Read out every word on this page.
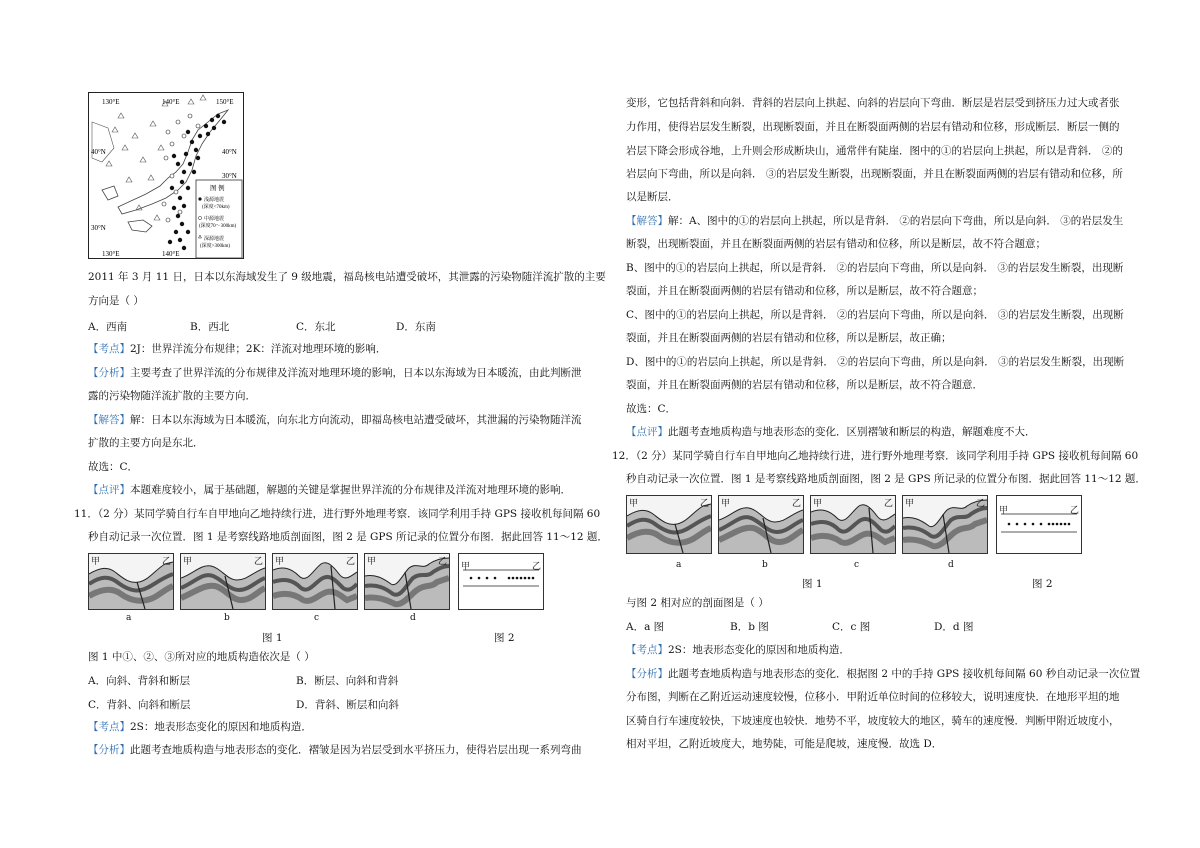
130°E	140°E	150°E
130°E	140°E
40°N
30°N
40°N
30°N
图 例
浅源地震
(深度<70km)
中源地震
(深度70～300km)
深源地震
(深度>300km)
2011 年 3 月 11 日，日本以东海域发生了 9 级地震，福岛核电站遭受破坏，其泄露的污染物随洋流扩散的主要
方向是（ ）
A．西南	B．西北	C．东北	D．东南
【考点】2J：世界洋流分布规律；2K：洋流对地理环境的影响．
【分析】主要考查了世界洋流的分布规律及洋流对地理环境的影响，日本以东海域为日本暖流，由此判断泄
露的污染物随洋流扩散的主要方向．
【解答】解：日本以东海域为日本暖流，向东北方向流动，即福岛核电站遭受破坏，其泄漏的污染物随洋流
扩散的主要方向是东北．
故选：C．
【点评】本题难度较小，属于基础题，解题的关键是掌握世界洋流的分布规律及洋流对地理环境的影响．
11．（2 分）某同学骑自行车自甲地向乙地持续行进，进行野外地理考察．该同学利用手持 GPS 接收机每间隔 60
秒自动记录一次位置．图 1 是考察线路地质剖面图，图 2 是 GPS 所记录的位置分布图．据此回答 11～12 题．
甲	乙 甲	乙 甲	乙 甲	乙 甲	乙
a	b	c	d
图 1	图 2
图 1 中①、②、③所对应的地质构造依次是（ ）
A．向斜、背斜和断层	B．断层、向斜和背斜
C．背斜、向斜和断层	D．背斜、断层和向斜
【考点】2S：地表形态变化的原因和地质构造．
【分析】此题考查地质构造与地表形态的变化．褶皱是因为岩层受到水平挤压力，使得岩层出现一系列弯曲
变形，它包括背斜和向斜．背斜的岩层向上拱起、向斜的岩层向下弯曲．断层是岩层受到挤压力过大或者张
力作用，使得岩层发生断裂，出现断裂面，并且在断裂面两侧的岩层有错动和位移，形成断层．断层一侧的
岩层下降会形成谷地，上升则会形成断块山，通常伴有陡崖．图中的①的岩层向上拱起，所以是背斜． ②的
岩层向下弯曲，所以是向斜． ③的岩层发生断裂，出现断裂面，并且在断裂面两侧的岩层有错动和位移，所
以是断层．
【解答】解：A、图中的①的岩层向上拱起，所以是背斜． ②的岩层向下弯曲，所以是向斜． ③的岩层发生
断裂，出现断裂面，并且在断裂面两侧的岩层有错动和位移，所以是断层，故不符合题意；
B、图中的①的岩层向上拱起，所以是背斜． ②的岩层向下弯曲，所以是向斜． ③的岩层发生断裂，出现断
裂面，并且在断裂面两侧的岩层有错动和位移，所以是断层，故不符合题意；
C、图中的①的岩层向上拱起，所以是背斜． ②的岩层向下弯曲，所以是向斜． ③的岩层发生断裂，出现断
裂面，并且在断裂面两侧的岩层有错动和位移，所以是断层，故正确；
D、图中的①的岩层向上拱起，所以是背斜． ②的岩层向下弯曲，所以是向斜． ③的岩层发生断裂，出现断
裂面，并且在断裂面两侧的岩层有错动和位移，所以是断层，故不符合题意．
故选：C．
【点评】此题考查地质构造与地表形态的变化．区别褶皱和断层的构造，解题难度不大．
12．（2 分）某同学骑自行车自甲地向乙地持续行进，进行野外地理考察．该同学利用手持 GPS 接收机每间隔 60
秒自动记录一次位置．图 1 是考察线路地质剖面图，图 2 是 GPS 所记录的位置分布图．据此回答 11～12 题．
甲	乙 甲	乙 甲	乙 甲	乙
甲	乙
a	b	c	d
图 1	图 2
与图 2 相对应的剖面图是（ ）
A．a 图	B．b 图	C．c 图	D．d 图
【考点】2S：地表形态变化的原因和地质构造．
【分析】此题考查地质构造与地表形态的变化．根据图 2 中的手持 GPS 接收机每间隔 60 秒自动记录一次位置
分布图，判断在乙附近运动速度较慢，位移小．甲附近单位时间的位移较大，说明速度快．在地形平坦的地
区骑自行车速度较快，下坡速度也较快．地势不平，坡度较大的地区，骑车的速度慢．判断甲附近坡度小，
相对平坦，乙附近坡度大，地势陡，可能是爬坡，速度慢．故选 D．
